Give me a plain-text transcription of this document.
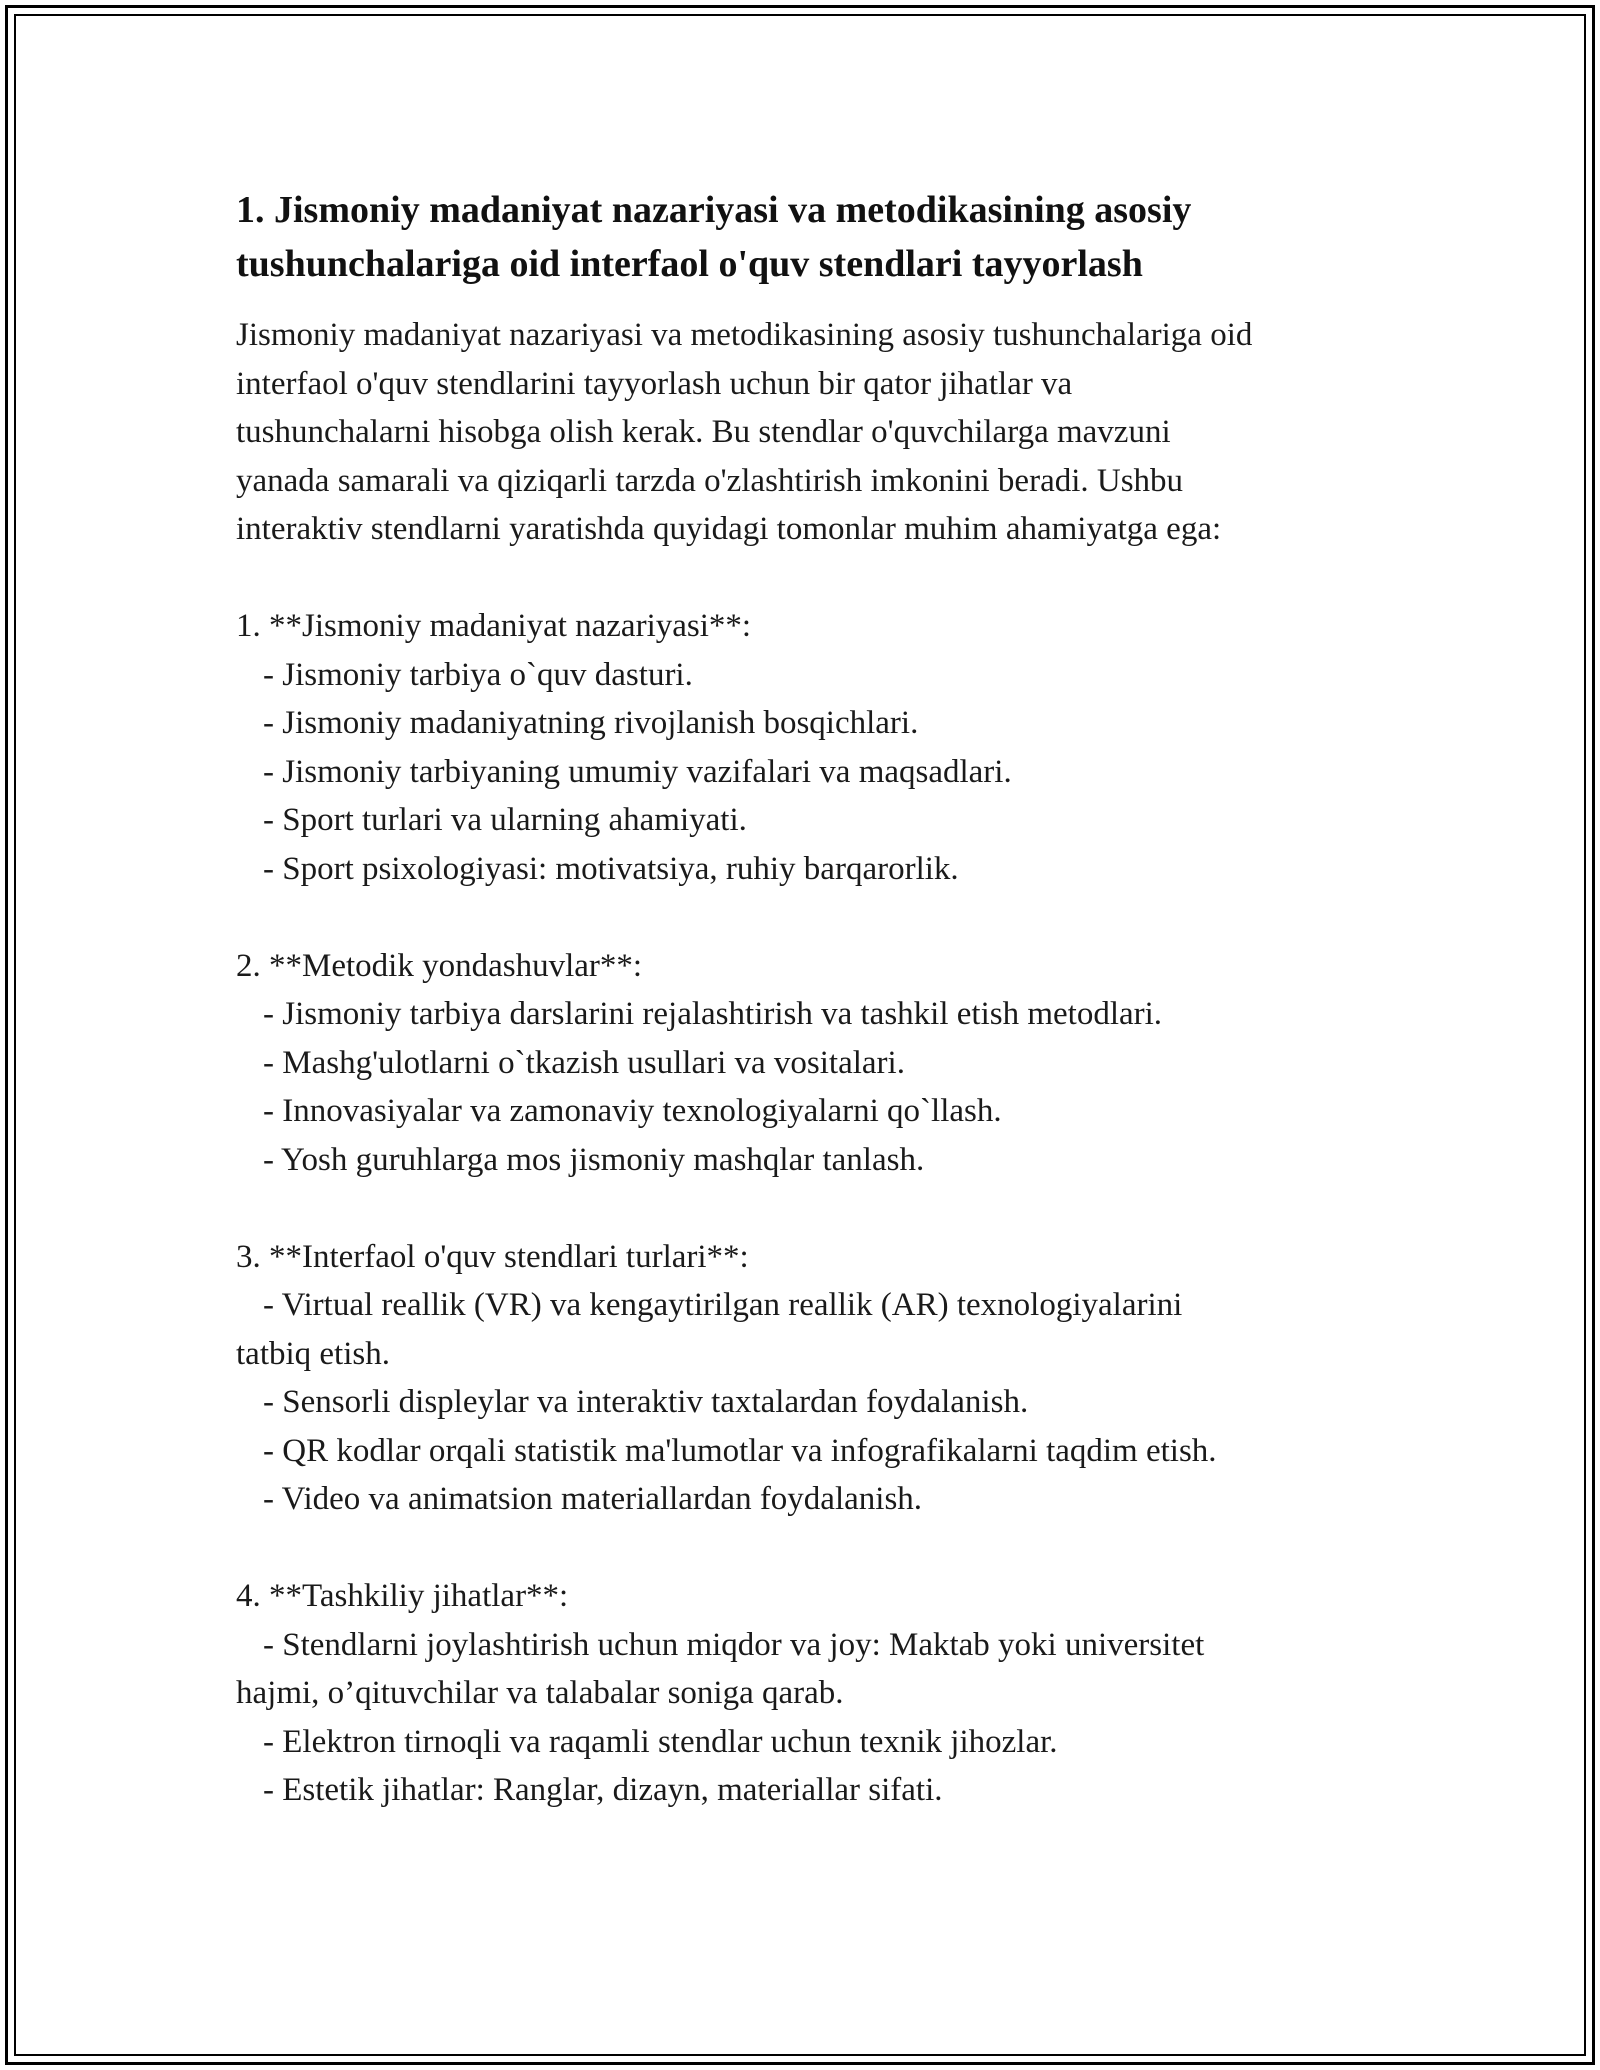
1. Jismoniy madaniyat nazariyasi va metodikasining asosiy
tushunchalariga oid interfaol o'quv stendlari tayyorlash
Jismoniy madaniyat nazariyasi va metodikasining asosiy tushunchalariga oid
interfaol o'quv stendlarini tayyorlash uchun bir qator jihatlar va
tushunchalarni hisobga olish kerak. Bu stendlar o'quvchilarga mavzuni
yanada samarali va qiziqarli tarzda o'zlashtirish imkonini beradi. Ushbu
interaktiv stendlarni yaratishda quyidagi tomonlar muhim ahamiyatga ega:
1. **Jismoniy madaniyat nazariyasi**:
- Jismoniy tarbiya o`quv dasturi.
- Jismoniy madaniyatning rivojlanish bosqichlari.
- Jismoniy tarbiyaning umumiy vazifalari va maqsadlari.
- Sport turlari va ularning ahamiyati.
- Sport psixologiyasi: motivatsiya, ruhiy barqarorlik.
2. **Metodik yondashuvlar**:
- Jismoniy tarbiya darslarini rejalashtirish va tashkil etish metodlari.
- Mashg'ulotlarni o`tkazish usullari va vositalari.
- Innovasiyalar va zamonaviy texnologiyalarni qo`llash.
- Yosh guruhlarga mos jismoniy mashqlar tanlash.
3. **Interfaol o'quv stendlari turlari**:
- Virtual reallik (VR) va kengaytirilgan reallik (AR) texnologiyalarini
tatbiq etish.
- Sensorli displeylar va interaktiv taxtalardan foydalanish.
- QR kodlar orqali statistik ma'lumotlar va infografikalarni taqdim etish.
- Video va animatsion materiallardan foydalanish.
4. **Tashkiliy jihatlar**:
- Stendlarni joylashtirish uchun miqdor va joy: Maktab yoki universitet
hajmi, o’qituvchilar va talabalar soniga qarab.
- Elektron tirnoqli va raqamli stendlar uchun texnik jihozlar.
- Estetik jihatlar: Ranglar, dizayn, materiallar sifati.
